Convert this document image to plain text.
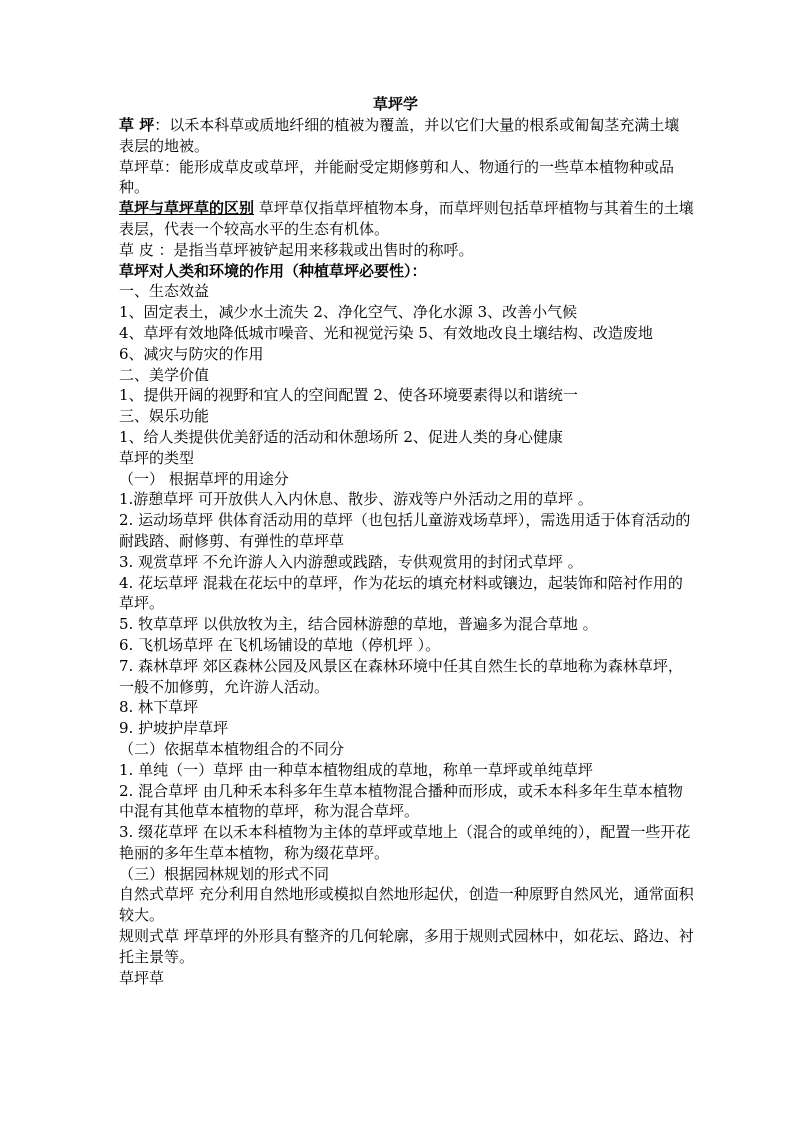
草坪学

草 坪：以禾本科草或质地纤细的植被为覆盖，并以它们大量的根系或匍匐茎充满土壤表层的地被。

草坪草：能形成草皮或草坪，并能耐受定期修剪和人、物通行的一些草本植物种或品种。

草坪与草坪草的区别 草坪草仅指草坪植物本身，而草坪则包括草坪植物与其着生的土壤表层，代表一个较高水平的生态有机体。

草 皮 ：是指当草坪被铲起用来移栽或出售时的称呼。

草坪对人类和环境的作用（种植草坪必要性）：

一、生态效益

1、固定表土，减少水土流失 2、净化空气、净化水源 3、改善小气候

4、草坪有效地降低城市噪音、光和视觉污染 5、有效地改良土壤结构、改造废地

6、减灾与防灾的作用

二、美学价值

1、提供开阔的视野和宜人的空间配置 2、使各环境要素得以和谐统一

三、娱乐功能

1、给人类提供优美舒适的活动和休憩场所 2、促进人类的身心健康

草坪的类型

（一） 根据草坪的用途分

1.游憩草坪 可开放供人入内休息、散步、游戏等户外活动之用的草坪 。

2. 运动场草坪 供体育活动用的草坪（也包括儿童游戏场草坪），需选用适于体育活动的耐践踏、耐修剪、有弹性的草坪草

3. 观赏草坪 不允许游人入内游憩或践踏，专供观赏用的封闭式草坪 。

4. 花坛草坪 混栽在花坛中的草坪，作为花坛的填充材料或镶边，起装饰和陪衬作用的草坪。

5. 牧草草坪 以供放牧为主，结合园林游憩的草地，普遍多为混合草地 。

6. 飞机场草坪 在飞机场铺设的草地（停机坪 ）。

7. 森林草坪 郊区森林公园及风景区在森林环境中任其自然生长的草地称为森林草坪，一般不加修剪，允许游人活动。

8. 林下草坪

9. 护坡护岸草坪

（二）依据草本植物组合的不同分

1. 单纯（一）草坪 由一种草本植物组成的草地，称单一草坪或单纯草坪

2. 混合草坪 由几种禾本科多年生草本植物混合播种而形成，或禾本科多年生草本植物中混有其他草本植物的草坪，称为混合草坪。

3. 缀花草坪 在以禾本科植物为主体的草坪或草地上（混合的或单纯的），配置一些开花艳丽的多年生草本植物，称为缀花草坪。

（三）根据园林规划的形式不同

自然式草坪 充分利用自然地形或模拟自然地形起伏，创造一种原野自然风光，通常面积较大。

规则式草 坪草坪的外形具有整齐的几何轮廓，多用于规则式园林中，如花坛、路边、衬托主景等。

草坪草
